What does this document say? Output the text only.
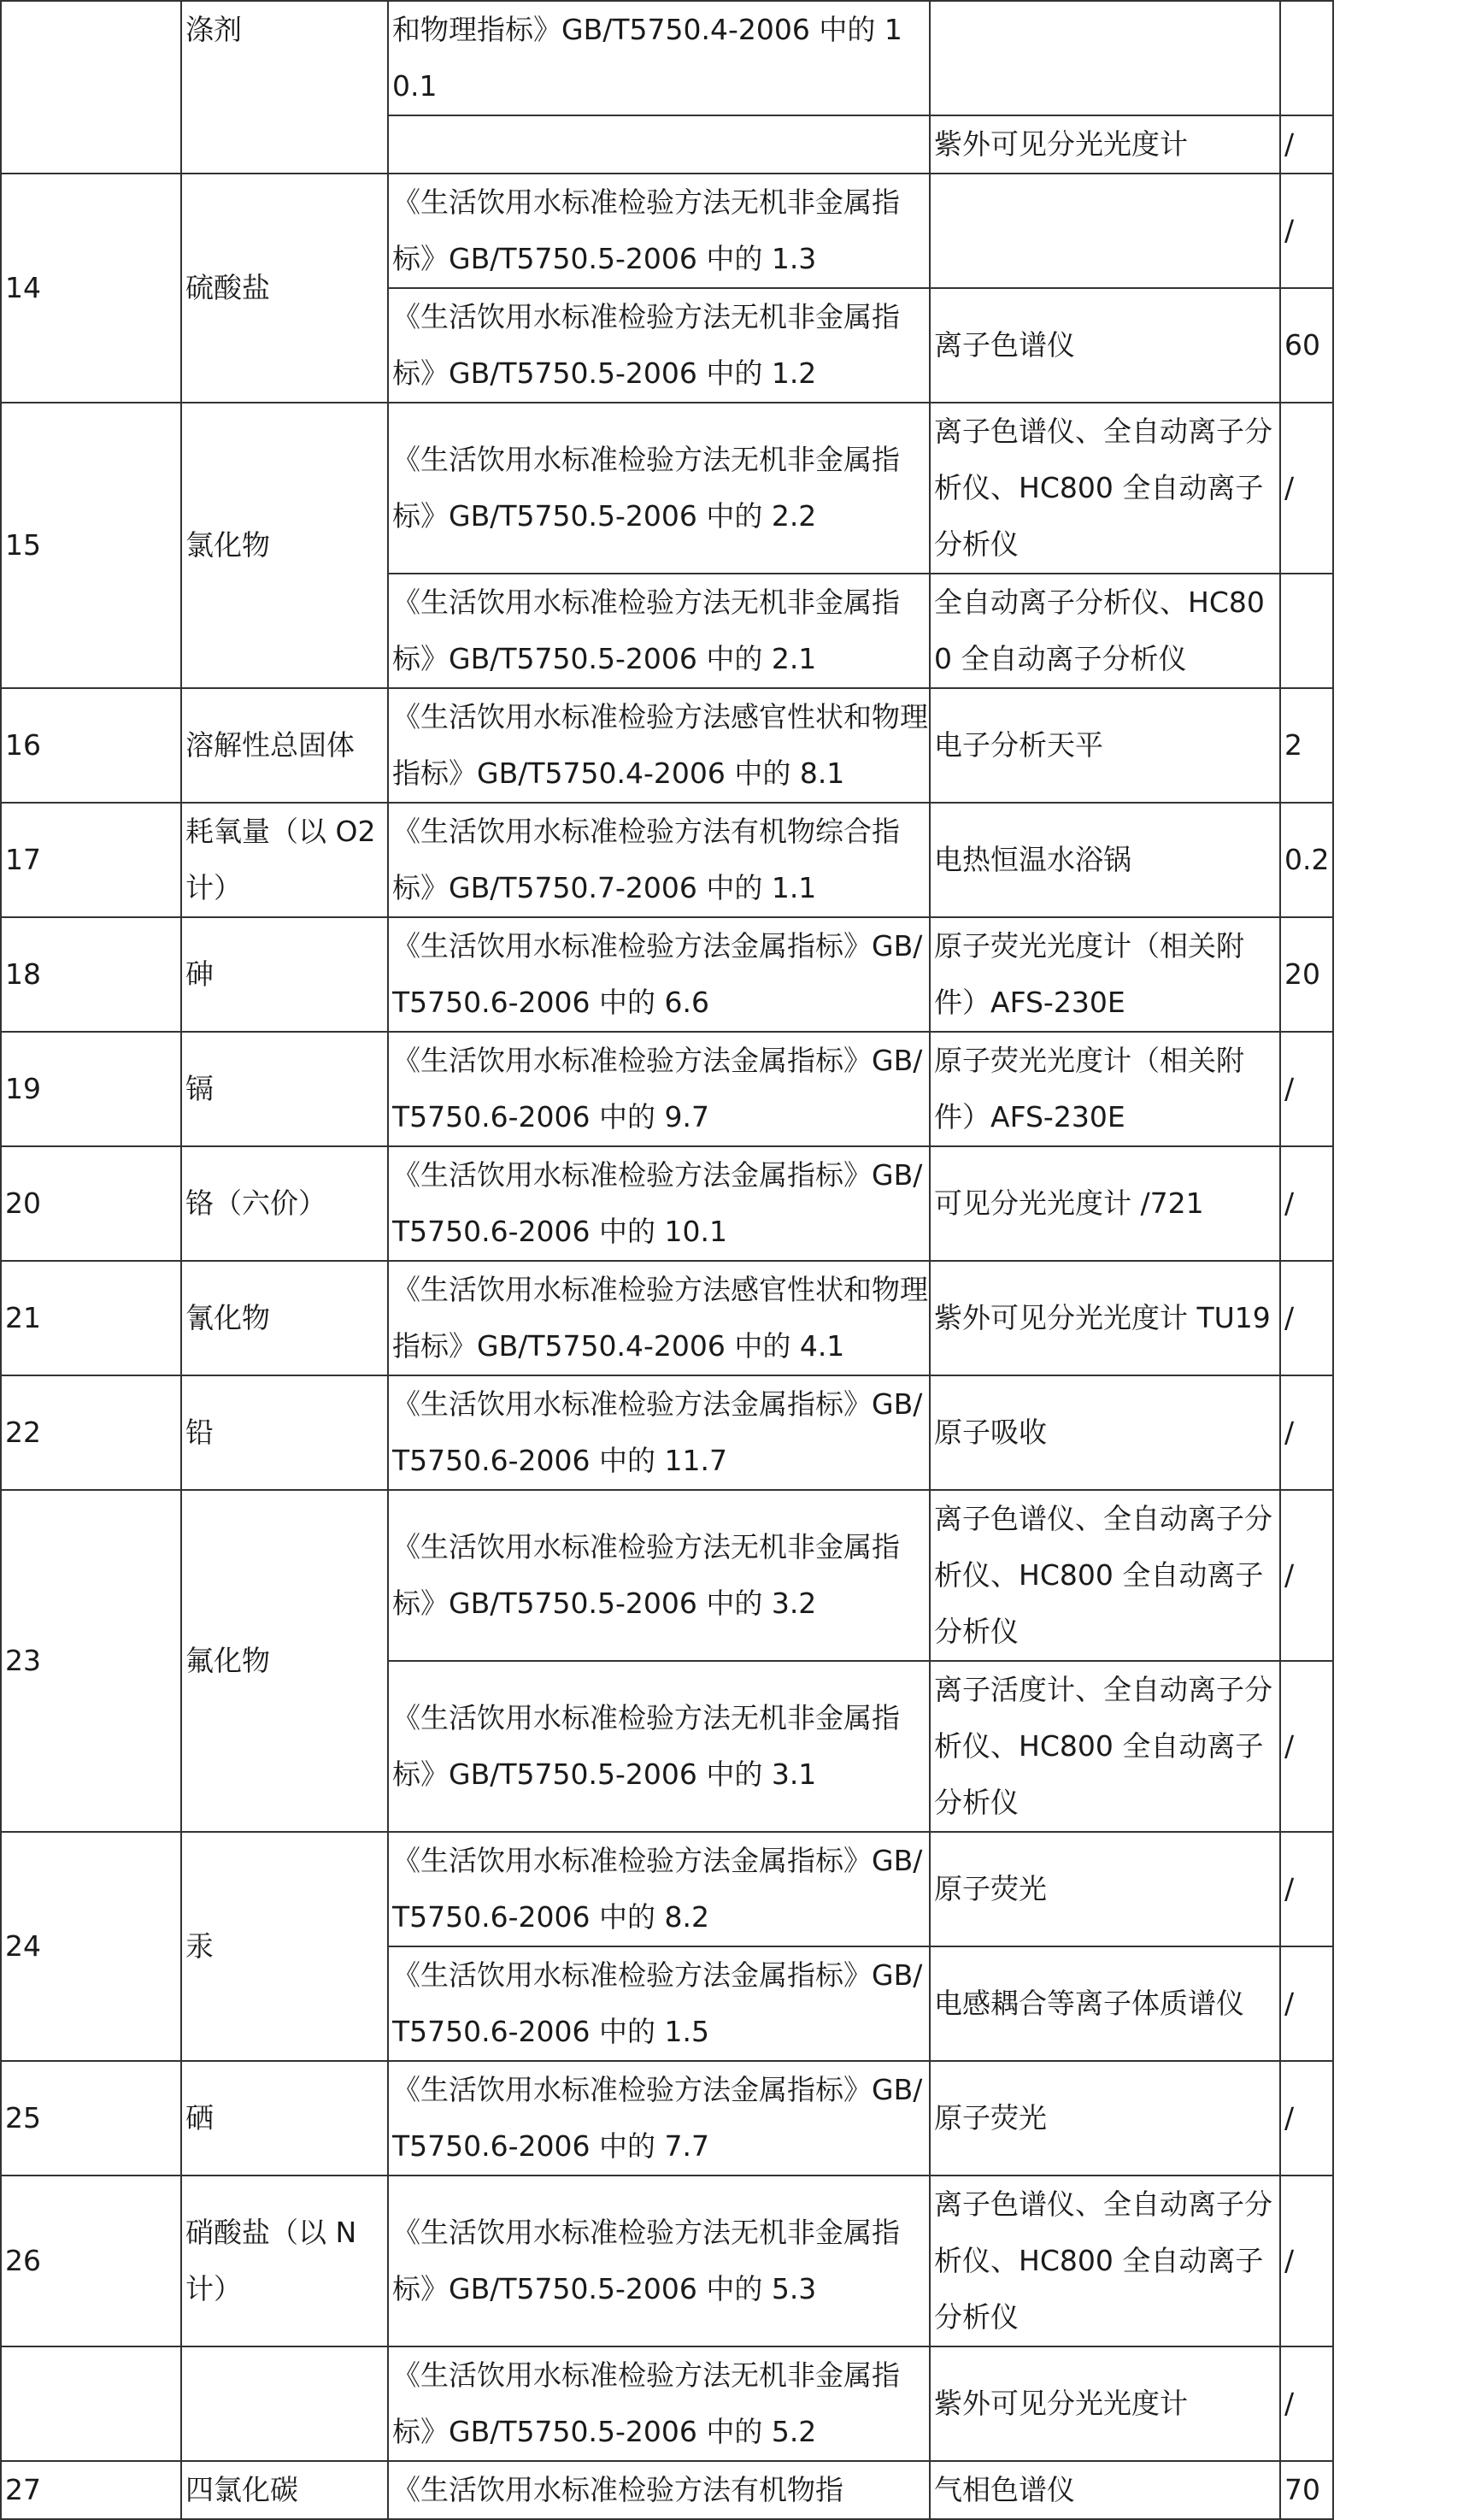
	涤剂	和物理指标》GB/T5750.4-2006 中的 10.1		
			紫外可见分光光度计	/
14	硫酸盐	《生活饮用水标准检验方法无机非金属指标》GB/T5750.5-2006 中的 1.3		/
		《生活饮用水标准检验方法无机非金属指标》GB/T5750.5-2006 中的 1.2	离子色谱仪	60
15	氯化物	《生活饮用水标准检验方法无机非金属指标》GB/T5750.5-2006 中的 2.2	离子色谱仪、全自动离子分析仪、HC800 全自动离子分析仪	/
		《生活饮用水标准检验方法无机非金属指标》GB/T5750.5-2006 中的 2.1	全自动离子分析仪、HC800 全自动离子分析仪	
16	溶解性总固体	《生活饮用水标准检验方法感官性状和物理指标》GB/T5750.4-2006 中的 8.1	电子分析天平	2
17	耗氧量（以 O2 计）	《生活饮用水标准检验方法有机物综合指标》GB/T5750.7-2006 中的 1.1	电热恒温水浴锅	0.2
18	砷	《生活饮用水标准检验方法金属指标》GB/T5750.6-2006 中的 6.6	原子荧光光度计（相关附件）AFS-230E	20
19	镉	《生活饮用水标准检验方法金属指标》GB/T5750.6-2006 中的 9.7	原子荧光光度计（相关附件）AFS-230E	/
20	铬（六价）	《生活饮用水标准检验方法金属指标》GB/T5750.6-2006 中的 10.1	可见分光光度计 /721	/
21	氰化物	《生活饮用水标准检验方法感官性状和物理指标》GB/T5750.4-2006 中的 4.1	紫外可见分光光度计 TU19	/
22	铅	《生活饮用水标准检验方法金属指标》GB/T5750.6-2006 中的 11.7	原子吸收	/
23	氟化物	《生活饮用水标准检验方法无机非金属指标》GB/T5750.5-2006 中的 3.2	离子色谱仪、全自动离子分析仪、HC800 全自动离子分析仪	/
		《生活饮用水标准检验方法无机非金属指标》GB/T5750.5-2006 中的 3.1	离子活度计、全自动离子分析仪、HC800 全自动离子分析仪	/
24	汞	《生活饮用水标准检验方法金属指标》GB/T5750.6-2006 中的 8.2	原子荧光	/
		《生活饮用水标准检验方法金属指标》GB/T5750.6-2006 中的 1.5	电感耦合等离子体质谱仪	/
25	硒	《生活饮用水标准检验方法金属指标》GB/T5750.6-2006 中的 7.7	原子荧光	/
26	硝酸盐（以 N 计）	《生活饮用水标准检验方法无机非金属指标》GB/T5750.5-2006 中的 5.3	离子色谱仪、全自动离子分析仪、HC800 全自动离子分析仪	/
		《生活饮用水标准检验方法无机非金属指标》GB/T5750.5-2006 中的 5.2	紫外可见分光光度计	/
27	四氯化碳	《生活饮用水标准检验方法有机物指	气相色谱仪	70
